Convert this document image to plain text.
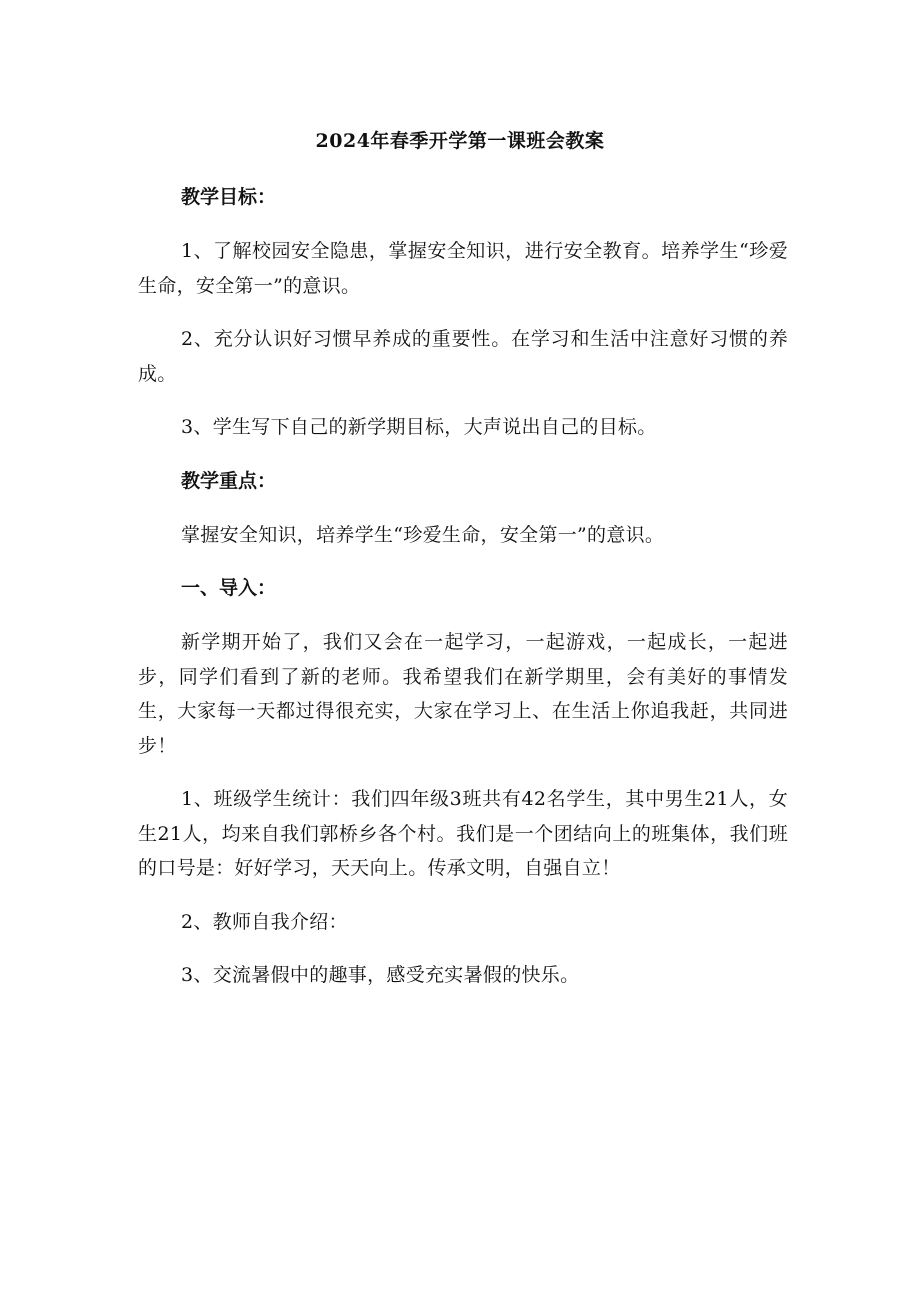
2024年春季开学第一课班会教案
教学目标：
1、了解校园安全隐患，掌握安全知识，进行安全教育。培养学生“珍爱生命，安全第一”的意识。
2、充分认识好习惯早养成的重要性。在学习和生活中注意好习惯的养成。
3、学生写下自己的新学期目标，大声说出自己的目标。
教学重点：
掌握安全知识，培养学生“珍爱生命，安全第一”的意识。
一、导入：
新学期开始了，我们又会在一起学习，一起游戏，一起成长，一起进步，同学们看到了新的老师。我希望我们在新学期里，会有美好的事情发生，大家每一天都过得很充实，大家在学习上、在生活上你追我赶，共同进步！
1、班级学生统计：我们四年级3班共有42名学生，其中男生21人，女生21人，均来自我们郭桥乡各个村。我们是一个团结向上的班集体，我们班的口号是：好好学习，天天向上。传承文明，自强自立！
2、教师自我介绍：
3、交流暑假中的趣事，感受充实暑假的快乐。
